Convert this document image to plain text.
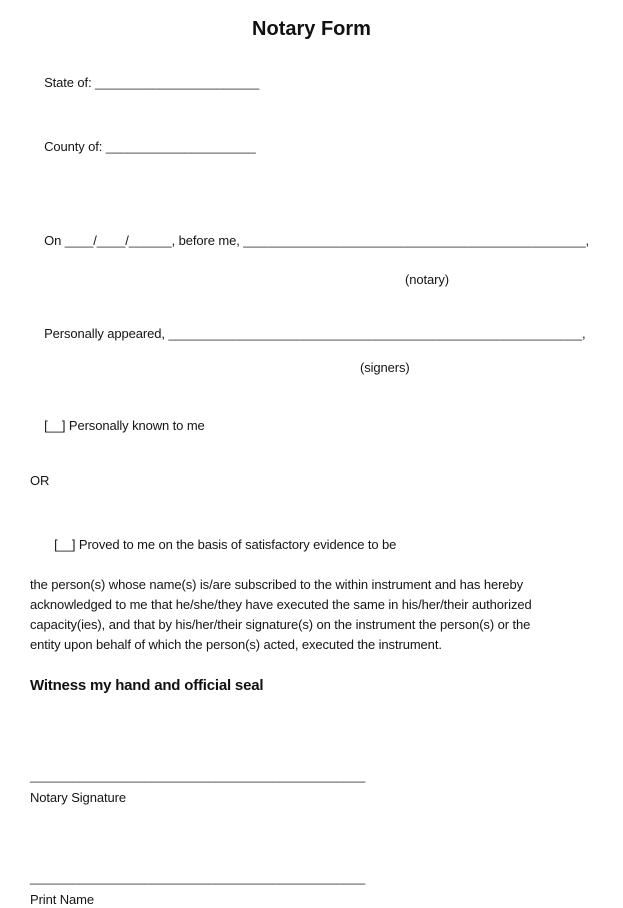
Notary Form

State of: _______________________

County of: _____________________

On ____/____/______, before me, ________________________________________________,

(notary)

Personally appeared, __________________________________________________________,

(signers)

[__] Personally known to me

OR

[__] Proved to me on the basis of satisfactory evidence to be

the person(s) whose name(s) is/are subscribed to the within instrument and has hereby
acknowledged to me that he/she/they have executed the same in his/her/their authorized
capacity(ies), and that by his/her/their signature(s) on the instrument the person(s) or the
entity upon behalf of which the person(s) acted, executed the instrument.
Witness my hand and official seal
_______________________________________________
Notary Signature
_______________________________________________
Print Name
